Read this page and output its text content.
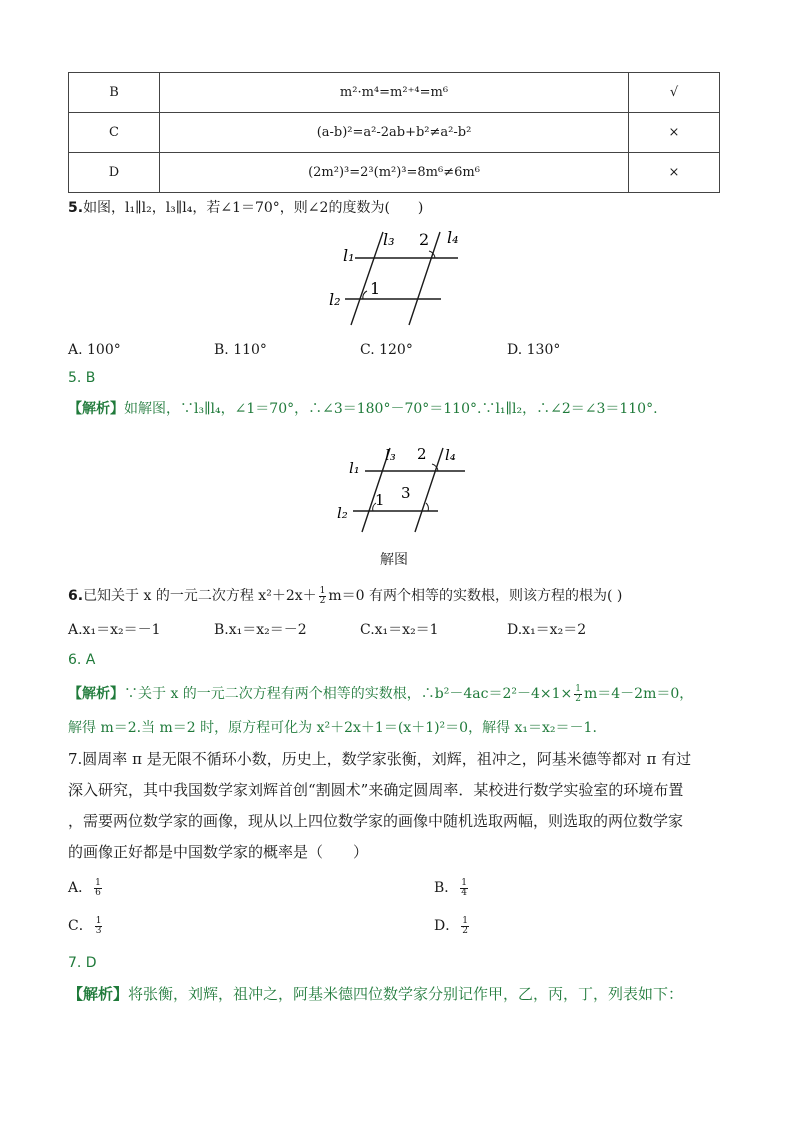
B	m²·m⁴=m²⁺⁴=m⁶	√
C	(a-b)²=a²-2ab+b²≠a²-b²	×
D	(2m²)³=2³(m²)³=8m⁶≠6m⁶	×
5.如图，l₁∥l₂，l₃∥l₄，若∠1＝70°，则∠2的度数为(　　)
l₁
l₂
l₃	l₄
1
2
A. 100°	B. 110°	C. 120°	D. 130°
5. B
【解析】如解图，∵l₃∥l₄，∠1＝70°，∴∠3＝180°－70°＝110°.∵l₁∥l₂，∴∠2＝∠3＝110°.
l₁
l₂
l₃	l₄
1
2
3
解图
6.已知关于 x 的一元二次方程 $x^2+2x+ \frac{1}{2} m=0$ 有两个相等的实数根，则该方程的根为( )
A.x₁＝x₂＝－1	B.x₁＝x₂＝－2	C.x₁＝x₂＝1	D.x₁＝x₂＝2
6. A
【解析】∵关于 x 的一元二次方程有两个相等的实数根，∴b²－4ac＝2²－4×1× $\frac{1}{2} m=4-2m=0$，
解得 m＝2.当 m＝2 时，原方程可化为 x²＋2x＋1＝(x＋1)²＝0，解得 x₁＝x₂＝－1.
7.圆周率 π 是无限不循环小数，历史上，数学家张衡，刘辉，祖冲之，阿基米德等都对 π 有过
深入研究，其中我国数学家刘辉首创“割圆术”来确定圆周率．某校进行数学实验室的环境布置
，需要两位数学家的画像，现从以上四位数学家的画像中随机选取两幅，则选取的两位数学家
的画像正好都是中国数学家的概率是（　　）
A． $\frac{1}{6}$	B． $\frac{1}{4}$
C． $\frac{1}{3}$	D． $\frac{1}{2}$
7. D
【解析】将张衡，刘辉，祖冲之，阿基米德四位数学家分别记作甲，乙，丙，丁，列表如下：
